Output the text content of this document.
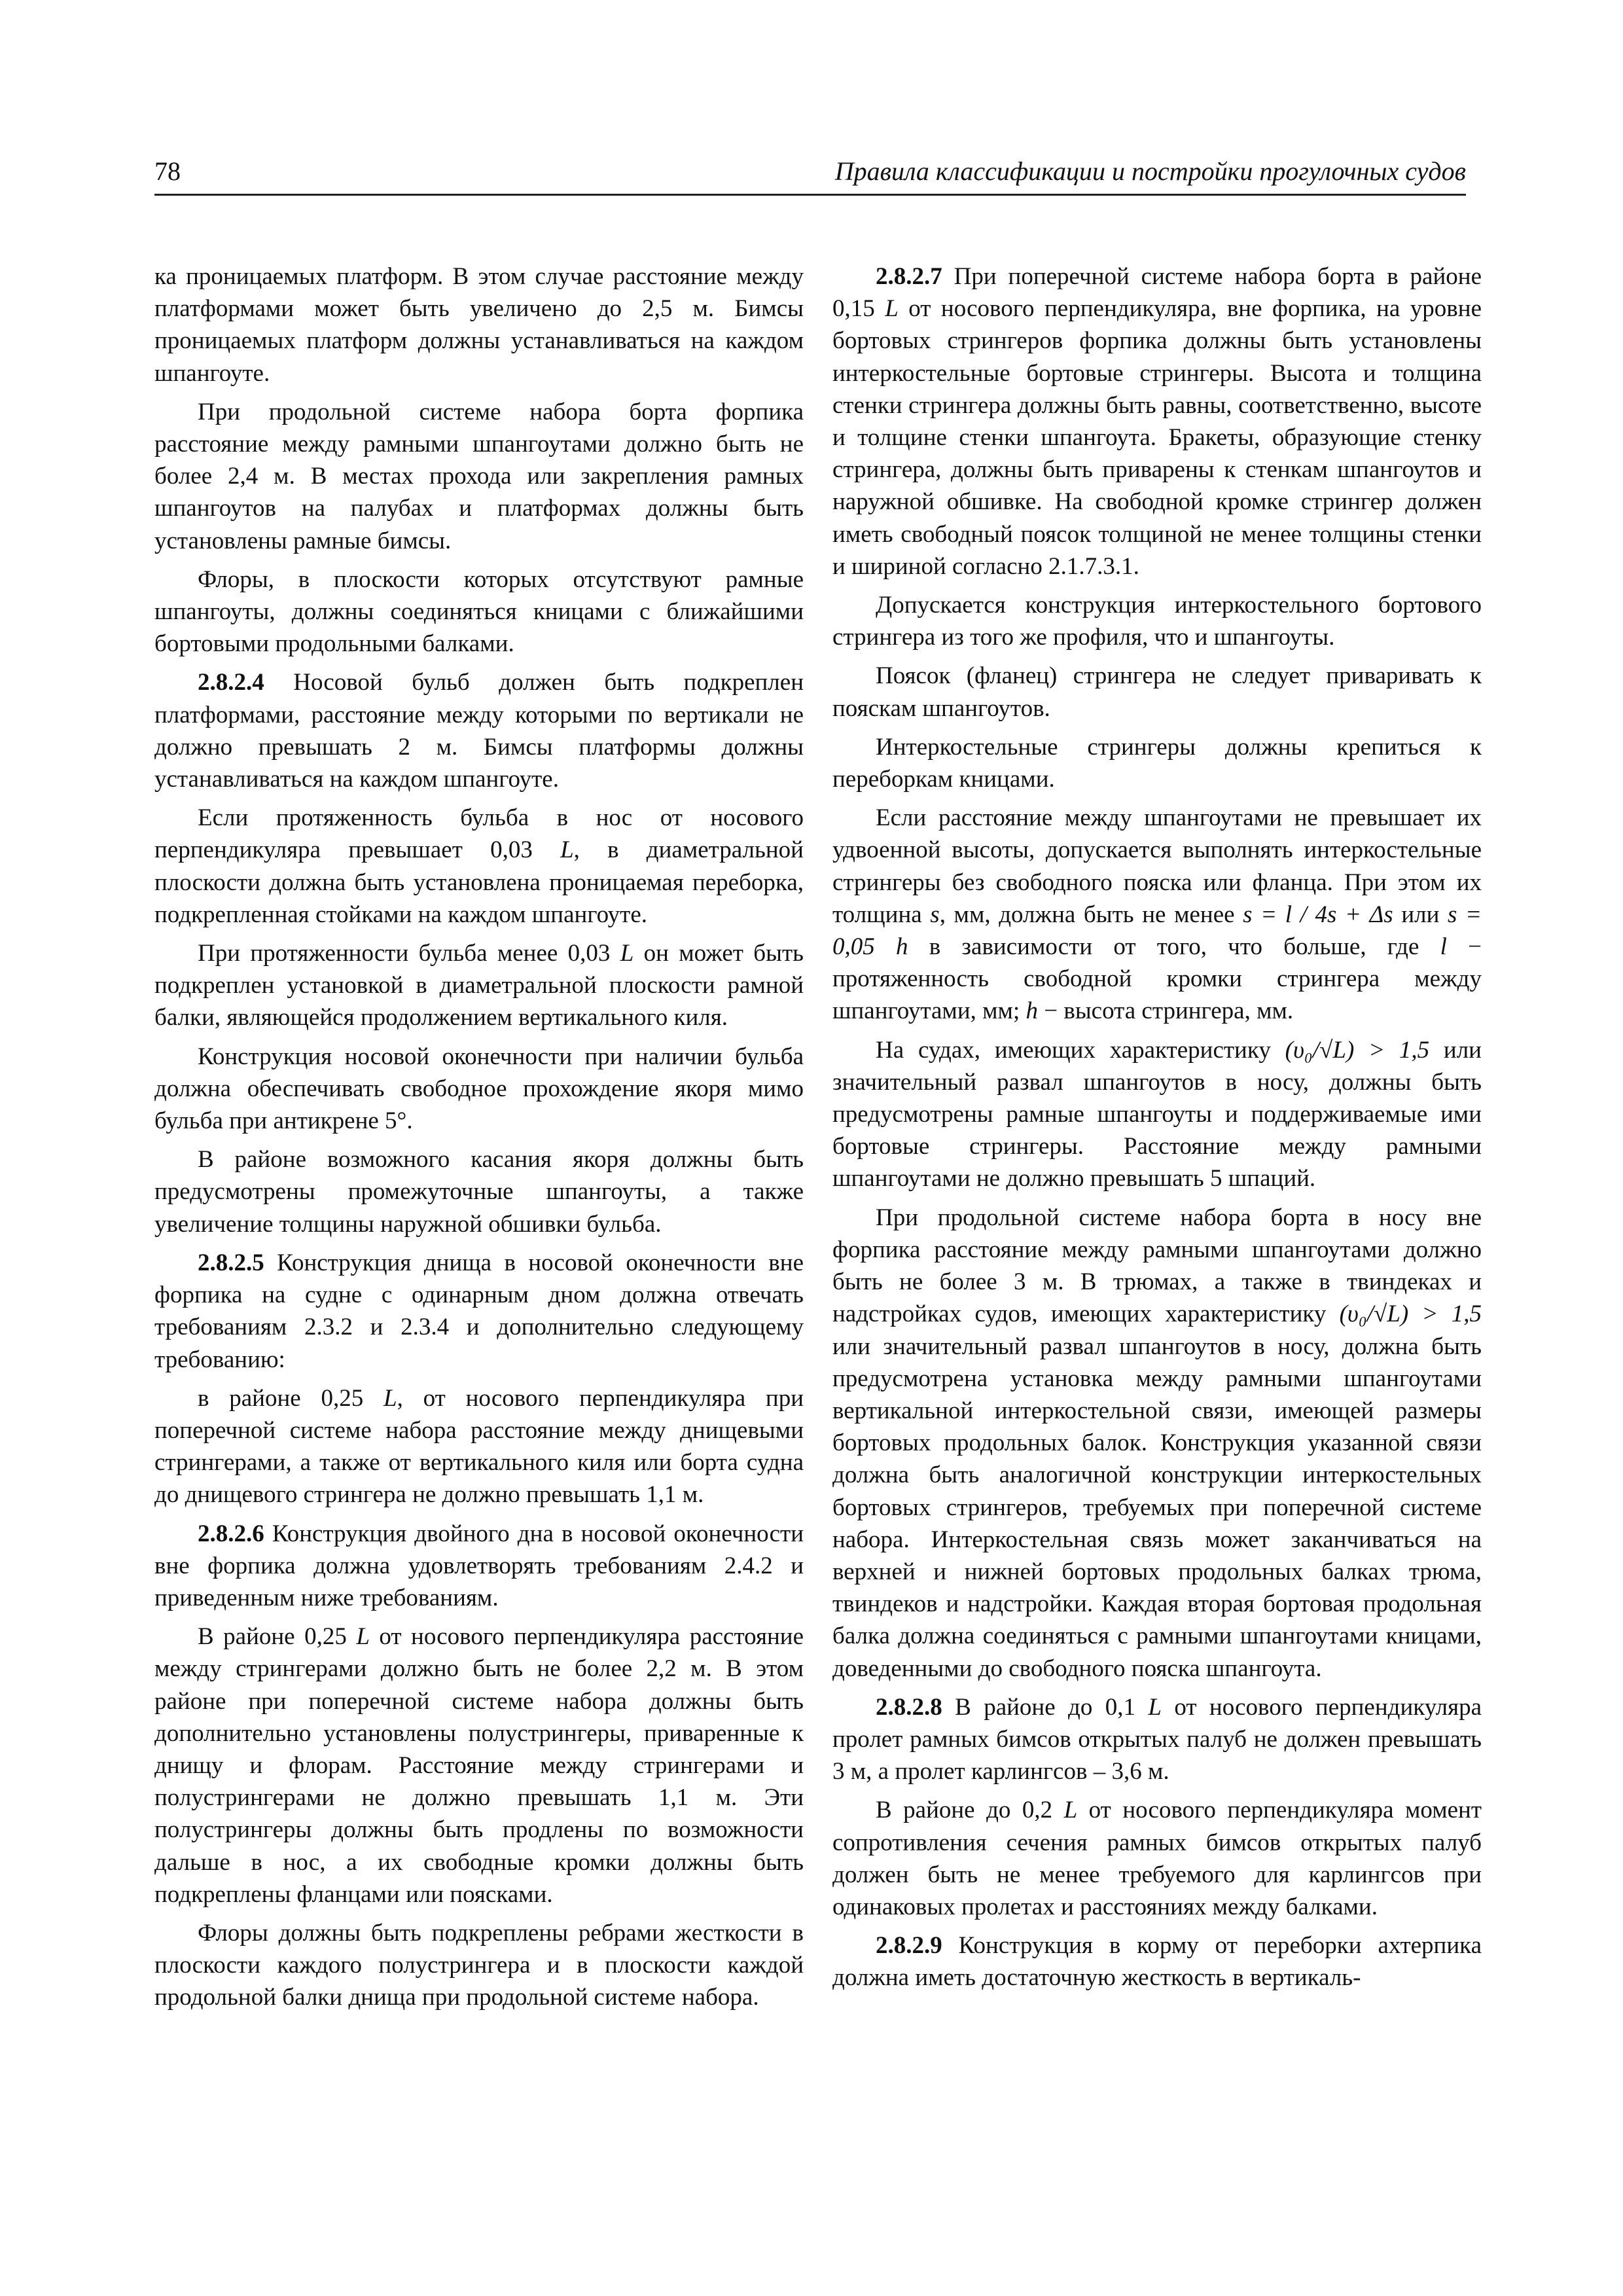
78	Правила классификации и постройки прогулочных судов

ка проницаемых платформ. В этом случае расстояние между платформами может быть увеличено до 2,5 м. Бимсы проницаемых платформ должны устанавливаться на каждом шпангоуте.

При продольной системе набора борта форпика расстояние между рамными шпангоутами должно быть не более 2,4 м. В местах прохода или закрепления рамных шпангоутов на палубах и платформах должны быть установлены рамные бимсы.

Флоры, в плоскости которых отсутствуют рамные шпангоуты, должны соединяться кницами с ближайшими бортовыми продольными балками.

2.8.2.4 Носовой бульб должен быть подкреплен платформами, расстояние между которыми по вертикали не должно превышать 2 м. Бимсы платформы должны устанавливаться на каждом шпангоуте.

Если протяженность бульба в нос от носового перпендикуляра превышает 0,03 L, в диаметральной плоскости должна быть установлена проницаемая переборка, подкрепленная стойками на каждом шпангоуте.

При протяженности бульба менее 0,03 L он может быть подкреплен установкой в диаметральной плоскости рамной балки, являющейся продолжением вертикального киля.

Конструкция носовой оконечности при наличии бульба должна обеспечивать свободное прохождение якоря мимо бульба при антикрене 5°.

В районе возможного касания якоря должны быть предусмотрены промежуточные шпангоуты, а также увеличение толщины наружной обшивки бульба.

2.8.2.5 Конструкция днища в носовой оконечности вне форпика на судне с одинарным дном должна отвечать требованиям 2.3.2 и 2.3.4 и дополнительно следующему требованию:

в районе 0,25 L, от носового перпендикуляра при поперечной системе набора расстояние между днищевыми стрингерами, а также от вертикального киля или борта судна до днищевого стрингера не должно превышать 1,1 м.

2.8.2.6 Конструкция двойного дна в носовой оконечности вне форпика должна удовлетворять требованиям 2.4.2 и приведенным ниже требованиям.

В районе 0,25 L от носового перпендикуляра расстояние между стрингерами должно быть не более 2,2 м. В этом районе при поперечной системе набора должны быть дополнительно установлены полустрингеры, приваренные к днищу и флорам. Расстояние между стрингерами и полустрингерами не должно превышать 1,1 м. Эти полустрингеры должны быть продлены по возможности дальше в нос, а их свободные кромки должны быть подкреплены фланцами или поясками.

Флоры должны быть подкреплены ребрами жесткости в плоскости каждого полустрингера и в плоскости каждой продольной балки днища при продольной системе набора.

2.8.2.7 При поперечной системе набора борта в районе 0,15 L от носового перпендикуляра, вне форпика, на уровне бортовых стрингеров форпика должны быть установлены интеркостельные бортовые стрингеры. Высота и толщина стенки стрингера должны быть равны, соответственно, высоте и толщине стенки шпангоута. Бракеты, образующие стенку стрингера, должны быть приварены к стенкам шпангоутов и наружной обшивке. На свободной кромке стрингер должен иметь свободный поясок толщиной не менее толщины стенки и шириной согласно 2.1.7.3.1.

Допускается конструкция интеркостельного бортового стрингера из того же профиля, что и шпангоуты.

Поясок (фланец) стрингера не следует приваривать к пояскам шпангоутов.

Интеркостельные стрингеры должны крепиться к переборкам кницами.

Если расстояние между шпангоутами не превышает их удвоенной высоты, допускается выполнять интеркостельные стрингеры без свободного пояска или фланца. При этом их толщина s, мм, должна быть не менее s = l / 4s + Δs или s = 0,05 h в зависимости от того, что больше, где l − протяженность свободной кромки стрингера между шпангоутами, мм; h − высота стрингера, мм.

На судах, имеющих характеристику (υ₀/√L) > 1,5 или значительный развал шпангоутов в носу, должны быть предусмотрены рамные шпангоуты и поддерживаемые ими бортовые стрингеры. Расстояние между рамными шпангоутами не должно превышать 5 шпаций.

При продольной системе набора борта в носу вне форпика расстояние между рамными шпангоутами должно быть не более 3 м. В трюмах, а также в твиндеках и надстройках судов, имеющих характеристику (υ₀/√L) > 1,5 или значительный развал шпангоутов в носу, должна быть предусмотрена установка между рамными шпангоутами вертикальной интеркостельной связи, имеющей размеры бортовых продольных балок. Конструкция указанной связи должна быть аналогичной конструкции интеркостельных бортовых стрингеров, требуемых при поперечной системе набора. Интеркостельная связь может заканчиваться на верхней и нижней бортовых продольных балках трюма, твиндеков и надстройки. Каждая вторая бортовая продольная балка должна соединяться с рамными шпангоутами кницами, доведенными до свободного пояска шпангоута.

2.8.2.8 В районе до 0,1 L от носового перпендикуляра пролет рамных бимсов открытых палуб не должен превышать 3 м, а пролет карлингсов – 3,6 м.

В районе до 0,2 L от носового перпендикуляра момент сопротивления сечения рамных бимсов открытых палуб должен быть не менее требуемого для карлингсов при одинаковых пролетах и расстояниях между балками.

2.8.2.9 Конструкция в корму от переборки ахтерпика должна иметь достаточную жесткость в вертикаль-
